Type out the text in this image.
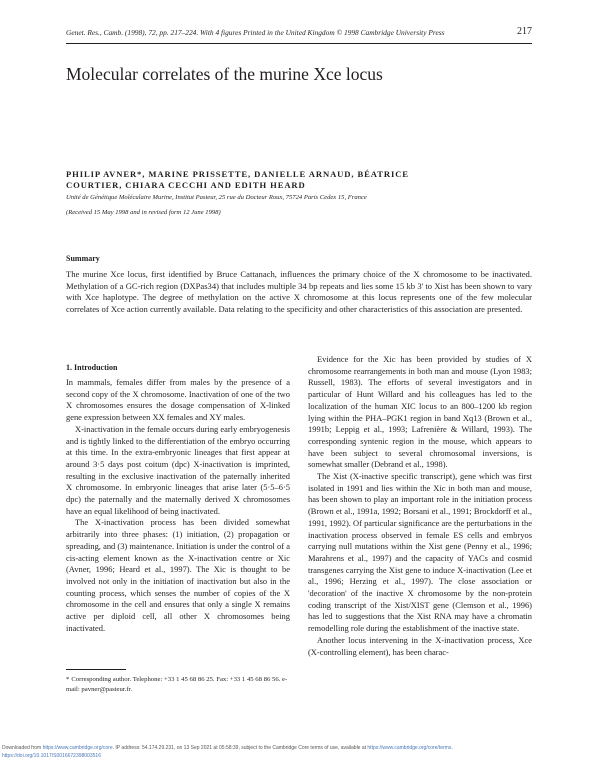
Genet. Res., Camb. (1998), 72, pp. 217–224. With 4 figures Printed in the United Kingdom © 1998 Cambridge University Press	217
Molecular correlates of the murine Xce locus
PHILIP AVNER*, MARINE PRISSETTE, DANIELLE ARNAUD, BÉATRICE
COURTIER, CHIARA CECCHI AND EDITH HEARD
Unité de Génétique Moléculaire Murine, Institut Pasteur, 25 rue du Docteur Roux, 75724 Paris Cedex 15, France
(Received 15 May 1998 and in revised form 12 June 1998)
Summary
The murine Xce locus, first identified by Bruce Cattanach, influences the primary choice of the X chromosome to be inactivated. Methylation of a GC-rich region (DXPas34) that includes multiple 34 bp repeats and lies some 15 kb 3' to Xist has been shown to vary with Xce haplotype. The degree of methylation on the active X chromosome at this locus represents one of the few molecular correlates of Xce action currently available. Data relating to the specificity and other characteristics of this association are presented.
1. Introduction

In mammals, females differ from males by the presence of a second copy of the X chromosome. Inactivation of one of the two X chromosomes ensures the dosage compensation of X-linked gene expression between XX females and XY males.

X-inactivation in the female occurs during early embryogenesis and is tightly linked to the differentiation of the embryo occurring at this time. In the extra-embryonic lineages that first appear at around 3·5 days post coitum (dpc) X-inactivation is imprinted, resulting in the exclusive inactivation of the paternally inherited X chromosome. In embryonic lineages that arise later (5·5–6·5 dpc) the paternally and the maternally derived X chromosomes have an equal likelihood of being inactivated.

The X-inactivation process has been divided somewhat arbitrarily into three phases: (1) initiation, (2) propagation or spreading, and (3) maintenance. Initiation is under the control of a cis-acting element known as the X-inactivation centre or Xic (Avner, 1996; Heard et al., 1997). The Xic is thought to be involved not only in the initiation of inactivation but also in the counting process, which senses the number of copies of the X chromosome in the cell and ensures that only a single X remains active per diploid cell, all other X chromosomes being inactivated.

Evidence for the Xic has been provided by studies of X chromosome rearrangements in both man and mouse (Lyon 1983; Russell, 1983). The efforts of several investigators and in particular of Hunt Willard and his colleagues has led to the localization of the human XIC locus to an 800–1200 kb region lying within the PHA–PGK1 region in band Xq13 (Brown et al., 1991b; Leppig et al., 1993; Lafrenière & Willard, 1993). The corresponding syntenic region in the mouse, which appears to have been subject to several chromosomal inversions, is somewhat smaller (Debrand et al., 1998).

The Xist (X-inactive specific transcript), gene which was first isolated in 1991 and lies within the Xic in both man and mouse, has been shown to play an important role in the initiation process (Brown et al., 1991a, 1992; Borsani et al., 1991; Brockdorff et al., 1991, 1992). Of particular significance are the perturbations in the inactivation process observed in female ES cells and embryos carrying null mutations within the Xist gene (Penny et al., 1996; Marahrens et al., 1997) and the capacity of YACs and cosmid transgenes carrying the Xist gene to induce X-inactivation (Lee et al., 1996; Herzing et al., 1997). The close association or 'decoration' of the inactive X chromosome by the non-protein coding transcript of the Xist/XIST gene (Clemson et al., 1996) has led to suggestions that the Xist RNA may have a chromatin remodelling role during the establishment of the inactive state.

Another locus intervening in the X-inactivation process, Xce (X-controlling element), has been charac-

* Corresponding author. Telephone: +33 1 45 68 86 25. Fax: +33 1 45 68 86 56. e-mail: pavner@pasteur.fr.
Downloaded from https://www.cambridge.org/core. IP address: 54.174.29.231, on 13 Sep 2021 at 05:58:39, subject to the Cambridge Core terms of use, available at https://www.cambridge.org/core/terms.
https://doi.org/10.1017/S0016672398003516
